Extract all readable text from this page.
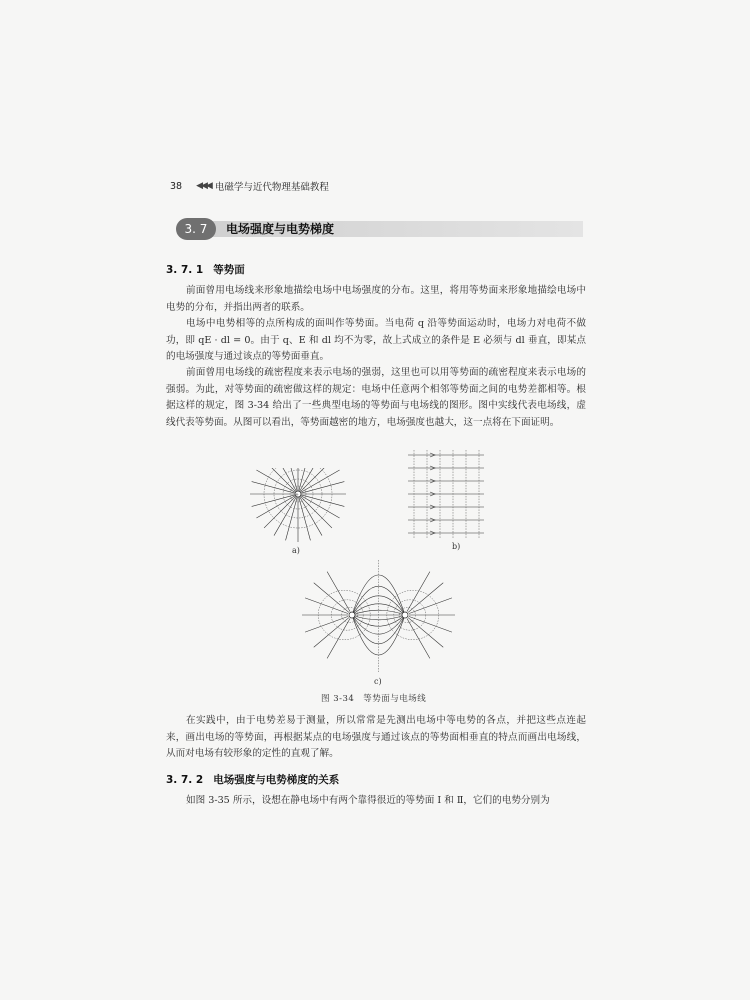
38 ◀◀◀ 电磁学与近代物理基础教程
3. 7	电场强度与电势梯度
3. 7. 1 等势面
前面曾用电场线来形象地描绘电场中电场强度的分布。这里，将用等势面来形象地描绘电场中电势的分布，并指出两者的联系。
电场中电势相等的点所构成的面叫作等势面。当电荷 q 沿等势面运动时，电场力对电荷不做功，即 qE · dl = 0。由于 q、E 和 dl 均不为零，故上式成立的条件是 E 必须与 dl 垂直，即某点的电场强度与通过该点的等势面垂直。
前面曾用电场线的疏密程度来表示电场的强弱，这里也可以用等势面的疏密程度来表示电场的强弱。为此，对等势面的疏密做这样的规定：电场中任意两个相邻等势面之间的电势差都相等。根据这样的规定，图 3-34 给出了一些典型电场的等势面与电场线的图形。图中实线代表电场线，虚线代表等势面。从图可以看出，等势面越密的地方，电场强度也越大，这一点将在下面证明。
+
a)	b)
c)
图 3-34　等势面与电场线
在实践中，由于电势差易于测量，所以常常是先测出电场中等电势的各点，并把这些点连起来，画出电场的等势面，再根据某点的电场强度与通过该点的等势面相垂直的特点而画出电场线，从而对电场有较形象的定性的直观了解。
3. 7. 2 电场强度与电势梯度的关系
如图 3-35 所示，设想在静电场中有两个靠得很近的等势面 Ⅰ 和 Ⅱ，它们的电势分别为
